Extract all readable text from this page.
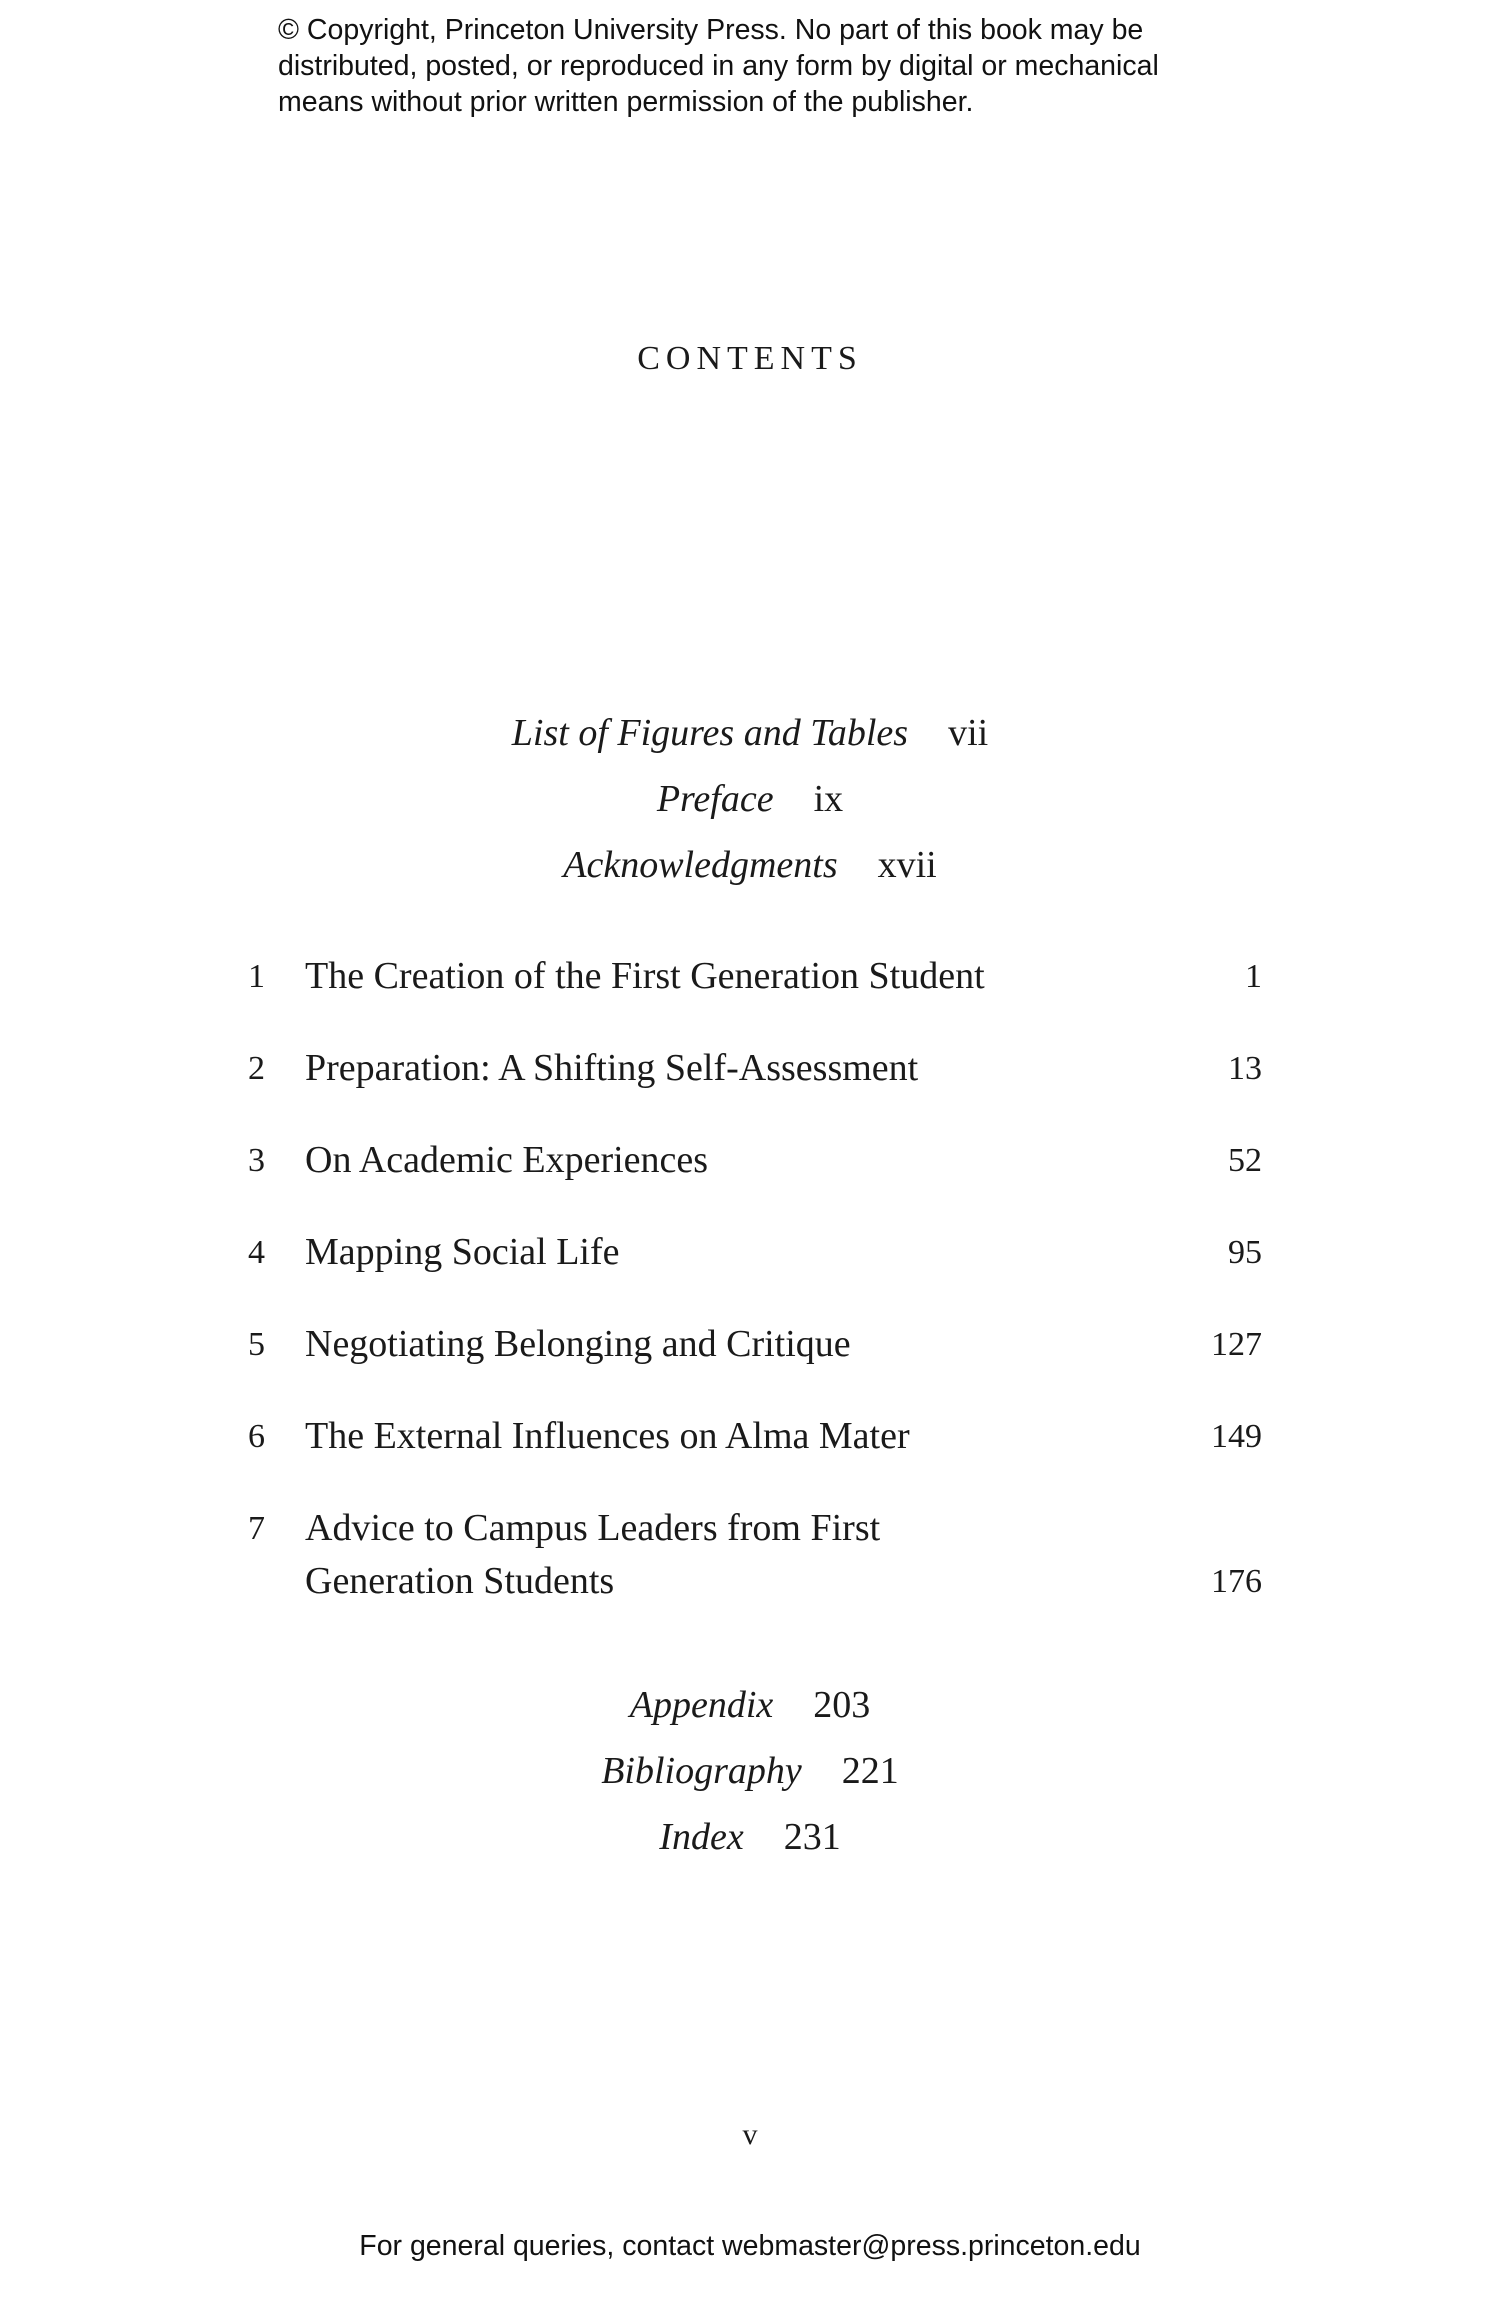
© Copyright, Princeton University Press. No part of this book may be
distributed, posted, or reproduced in any form by digital or mechanical
means without prior written permission of the publisher.
CONTENTS
List of Figures and Tables vii
Preface ix
Acknowledgments xvii
1 The Creation of the First Generation Student	1
2 Preparation: A Shifting Self-Assessment	13
3 On Academic Experiences	52
4 Mapping Social Life	95
5 Negotiating Belonging and Critique	127
6 The External Influences on Alma Mater	149
7 Advice to Campus Leaders from First
Generation Students	176
Appendix 203
Bibliography 221
Index 231
v
For general queries, contact webmaster@press.princeton.edu
